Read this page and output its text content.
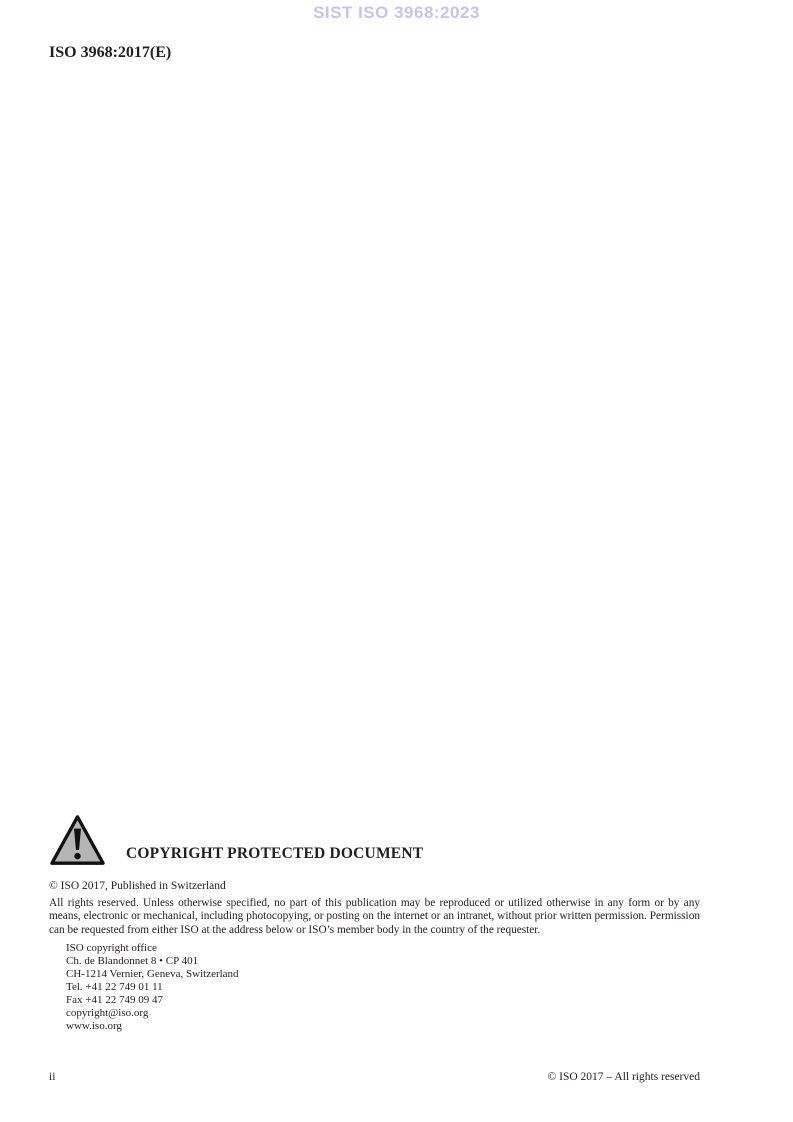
SIST ISO 3968:2023
ISO 3968:2017(E)
COPYRIGHT PROTECTED DOCUMENT
© ISO 2017, Published in Switzerland
All rights reserved. Unless otherwise specified, no part of this publication may be reproduced or utilized otherwise in any form or by any means, electronic or mechanical, including photocopying, or posting on the internet or an intranet, without prior written permission. Permission can be requested from either ISO at the address below or ISO’s member body in the country of the requester.
ISO copyright office
Ch. de Blandonnet 8 • CP 401
CH-1214 Vernier, Geneva, Switzerland
Tel. +41 22 749 01 11
Fax +41 22 749 09 47
copyright@iso.org
www.iso.org
ii	© ISO 2017 – All rights reserved
